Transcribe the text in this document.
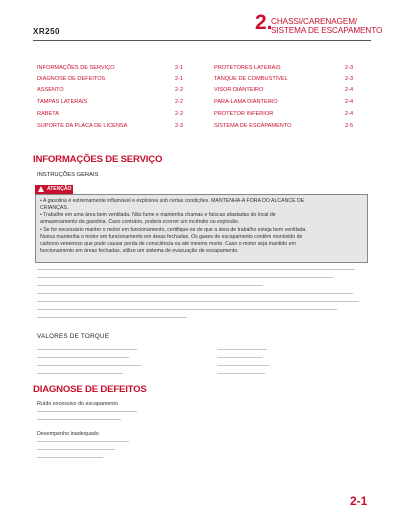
XR250	2.
CHASSI/CARENAGEM/
SISTEMA DE ESCAPAMENTO
INFORMAÇÕES DE SERVIÇO	2-1
DIAGNOSE DE DEFEITOS	2-1
ASSENTO	2-2
TAMPAS LATERAIS	2-2
RABETA	2-2
SUPORTE DA PLACA DE LICENSA	2-3
PROTETORES LATERAIS	2-3
TANQUE DE COMBUSTÍVEL	2-3
VISOR DIANTEIRO	2-4
PARA-LAMA DIANTEIRO	2-4
PROTETOR INFERIOR	2-4
SISTEMA DE ESCAPAMENTO	2-5
INFORMAÇÕES DE SERVIÇO
INSTRUÇÕES GERAIS
ATENÇÃO
• A gasolina é extremamente inflamável e explosiva sob certas condições. MANTENHA-A FORA DO ALCANCE DE
CRIANÇAS.
• Trabalhe em uma área bem ventilada. Não fume e mantenha chamas e faíscas afastadas do local de
armazenamento da gasolina. Caso contrário, poderá ocorrer um incêndio ou explosão.
• Se for necessário manter o motor em funcionamento, certifique-se de que a área de trabalho esteja bem ventilada.
Nunca mantenha o motor em funcionamento em áreas fechadas. Os gases de escapamento contêm monóxido de
carbono venenoso que pode causar perda de consciência ou até mesmo morte. Caso o motor seja mantido em
funcionamento em áreas fechadas, utilize um sistema de evacuação de escapamento.
VALORES DE TORQUE
DIAGNOSE DE DEFEITOS
Ruído excessivo do escapamento
Desempenho inadequado
2-1
